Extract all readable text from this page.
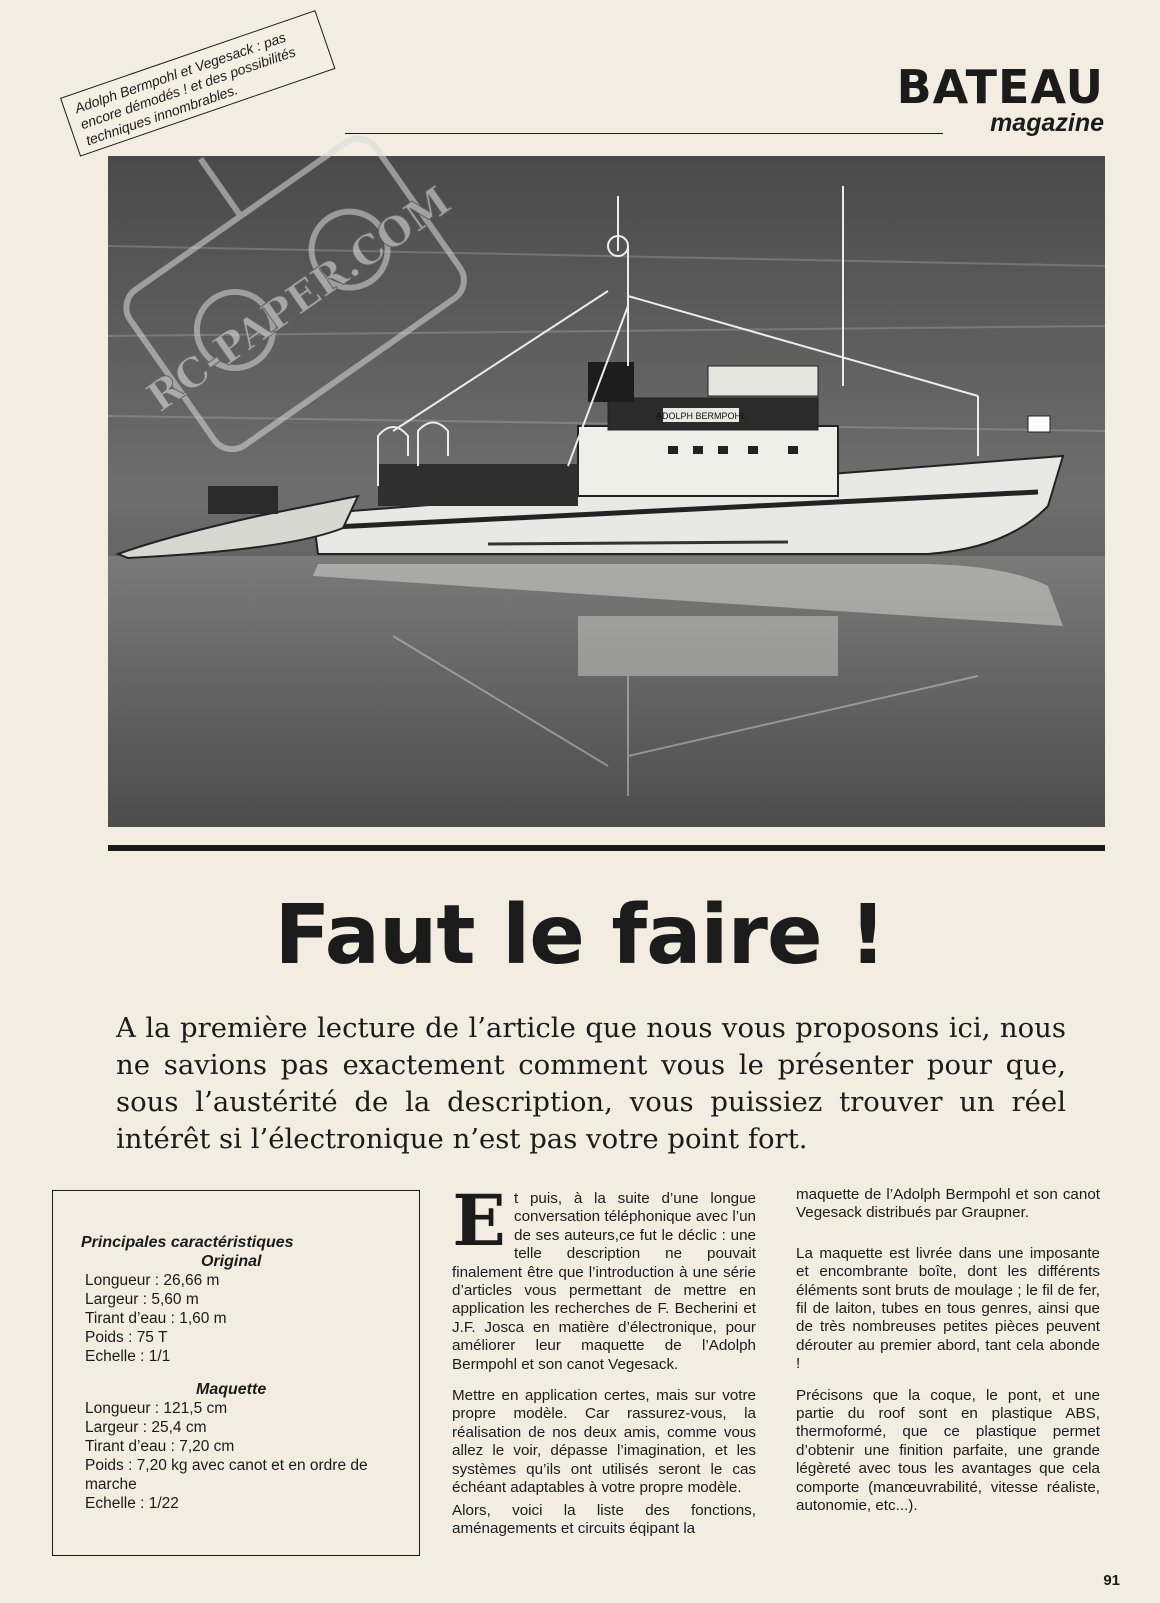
BATEAU
magazine
Adolph Bermpohl et Vegesack : pas encore démodés ! et des possibilités techniques innombrables.
ADOLPH BERMPOHL
RC-PAPER.COM
Faut le faire !
A la première lecture de l’article que nous vous proposons ici, nous ne savions pas exactement comment vous le présenter pour que, sous l’austérité de la description, vous puissiez trouver un réel intérêt si l’électronique n’est pas votre point fort.
Principales caractéristiques
Original
Longueur : 26,66 m
Largeur : 5,60 m
Tirant d’eau : 1,60 m
Poids : 75 T
Echelle : 1/1
Maquette
Longueur : 121,5 cm
Largeur : 25,4 cm
Tirant d’eau : 7,20 cm
Poids : 7,20 kg avec canot et en ordre de marche
Echelle : 1/22

Et puis, à la suite d’une longue conversation téléphonique avec l’un de ses auteurs,ce fut le déclic : une telle description ne pouvait finalement être que l’introduction à une série d’articles vous permettant de mettre en application les recherches de F. Becherini et J.F. Josca en matière d’électronique, pour améliorer leur maquette de l’Adolph Bermpohl et son canot Vegesack.

Mettre en application certes, mais sur votre propre modèle. Car rassurez-vous, la réalisation de nos deux amis, comme vous allez le voir, dépasse l’imagination, et les systèmes qu’ils ont utilisés seront le cas échéant adaptables à votre propre modèle.

Alors, voici la liste des fonctions, aménagements et circuits éqipant la

maquette de l’Adolph Bermpohl et son canot Vegesack distribués par Graupner.

La maquette est livrée dans une imposante et encombrante boîte, dont les différents éléments sont bruts de moulage ; le fil de fer, fil de laiton, tubes en tous genres, ainsi que de très nombreuses petites pièces peuvent dérouter au premier abord, tant cela abonde !

Précisons que la coque, le pont, et une partie du roof sont en plastique ABS, thermoformé, que ce plastique permet d’obtenir une finition parfaite, une grande légèreté avec tous les avantages que cela comporte (manœuvrabilité, vitesse réaliste, autonomie, etc...).

91
